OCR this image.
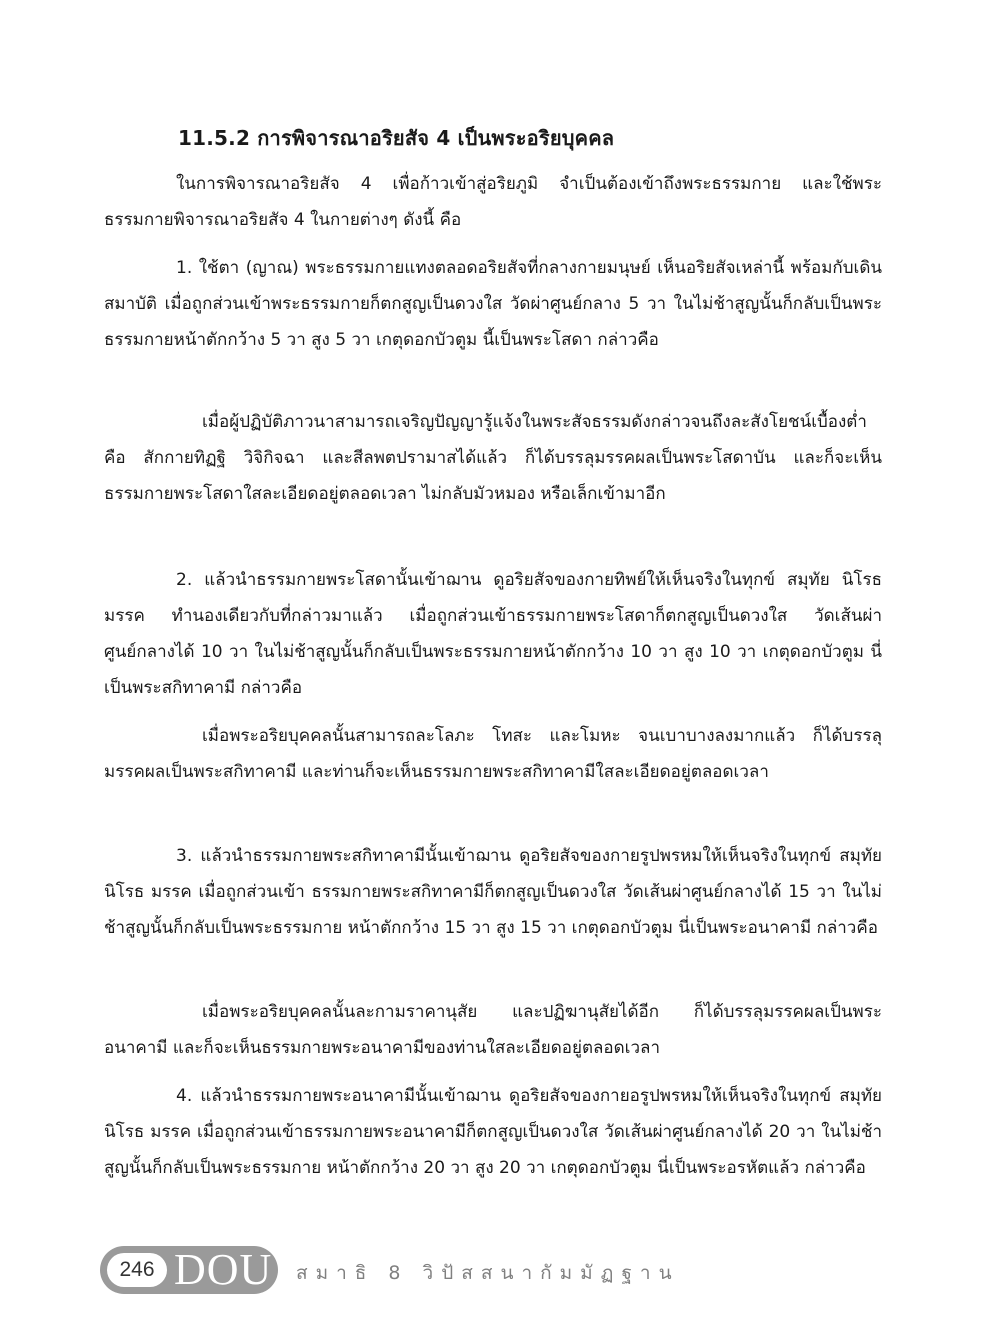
11.5.2 การพิจารณาอริยสัจ 4 เป็นพระอริยบุคคล

ในการพิจารณาอริยสัจ 4 เพื่อก้าวเข้าสู่อริยภูมิ จำเป็นต้องเข้าถึงพระธรรมกาย และใช้พระธรรมกายพิจารณาอริยสัจ 4 ในกายต่างๆ ดังนี้ คือ

1. ใช้ตา (ญาณ) พระธรรมกายแทงตลอดอริยสัจที่กลางกายมนุษย์ เห็นอริยสัจเหล่านี้ พร้อมกับเดินสมาบัติ เมื่อถูกส่วนเข้าพระธรรมกายก็ตกสูญเป็นดวงใส วัดผ่าศูนย์กลาง 5 วา ในไม่ช้าสูญนั้นก็กลับเป็นพระธรรมกายหน้าตักกว้าง 5 วา สูง 5 วา เกตุดอกบัวตูม นี้เป็นพระโสดา กล่าวคือ

เมื่อผู้ปฏิบัติภาวนาสามารถเจริญปัญญารู้แจ้งในพระสัจธรรมดังกล่าวจนถึงละสังโยชน์เบื้องต่ำ คือ สักกายทิฏฐิ วิจิกิจฉา และสีลพตปรามาสได้แล้ว ก็ได้บรรลุมรรคผลเป็นพระโสดาบัน และก็จะเห็นธรรมกายพระโสดาใสละเอียดอยู่ตลอดเวลา ไม่กลับมัวหมอง หรือเล็กเข้ามาอีก

2. แล้วนำธรรมกายพระโสดานั้นเข้าฌาน ดูอริยสัจของกายทิพย์ให้เห็นจริงในทุกข์ สมุทัย นิโรธ มรรค ทำนองเดียวกับที่กล่าวมาแล้ว เมื่อถูกส่วนเข้าธรรมกายพระโสดาก็ตกสูญเป็นดวงใส วัดเส้นผ่าศูนย์กลางได้ 10 วา ในไม่ช้าสูญนั้นก็กลับเป็นพระธรรมกายหน้าตักกว้าง 10 วา สูง 10 วา เกตุดอกบัวตูม นี่เป็นพระสกิทาคามี กล่าวคือ

เมื่อพระอริยบุคคลนั้นสามารถละโลภะ โทสะ และโมหะ จนเบาบางลงมากแล้ว ก็ได้บรรลุมรรคผลเป็นพระสกิทาคามี และท่านก็จะเห็นธรรมกายพระสกิทาคามีใสละเอียดอยู่ตลอดเวลา

3. แล้วนำธรรมกายพระสกิทาคามีนั้นเข้าฌาน ดูอริยสัจของกายรูปพรหมให้เห็นจริงในทุกข์ สมุทัย นิโรธ มรรค เมื่อถูกส่วนเข้า ธรรมกายพระสกิทาคามีก็ตกสูญเป็นดวงใส วัดเส้นผ่าศูนย์กลางได้ 15 วา ในไม่ช้าสูญนั้นก็กลับเป็นพระธรรมกาย หน้าตักกว้าง 15 วา สูง 15 วา เกตุดอกบัวตูม นี่เป็นพระอนาคามี กล่าวคือ

เมื่อพระอริยบุคคลนั้นละกามราคานุสัย และปฏิฆานุสัยได้อีก ก็ได้บรรลุมรรคผลเป็นพระอนาคามี และก็จะเห็นธรรมกายพระอนาคามีของท่านใสละเอียดอยู่ตลอดเวลา

4. แล้วนำธรรมกายพระอนาคามีนั้นเข้าฌาน ดูอริยสัจของกายอรูปพรหมให้เห็นจริงในทุกข์ สมุทัย นิโรธ มรรค เมื่อถูกส่วนเข้าธรรมกายพระอนาคามีก็ตกสูญเป็นดวงใส วัดเส้นผ่าศูนย์กลางได้ 20 วา ในไม่ช้าสูญนั้นก็กลับเป็นพระธรรมกาย หน้าตักกว้าง 20 วา สูง 20 วา เกตุดอกบัวตูม นี่เป็นพระอรหัตแล้ว กล่าวคือ

246 DOU สมาธิ 8 วิปัสสนากัมมัฏฐาน
